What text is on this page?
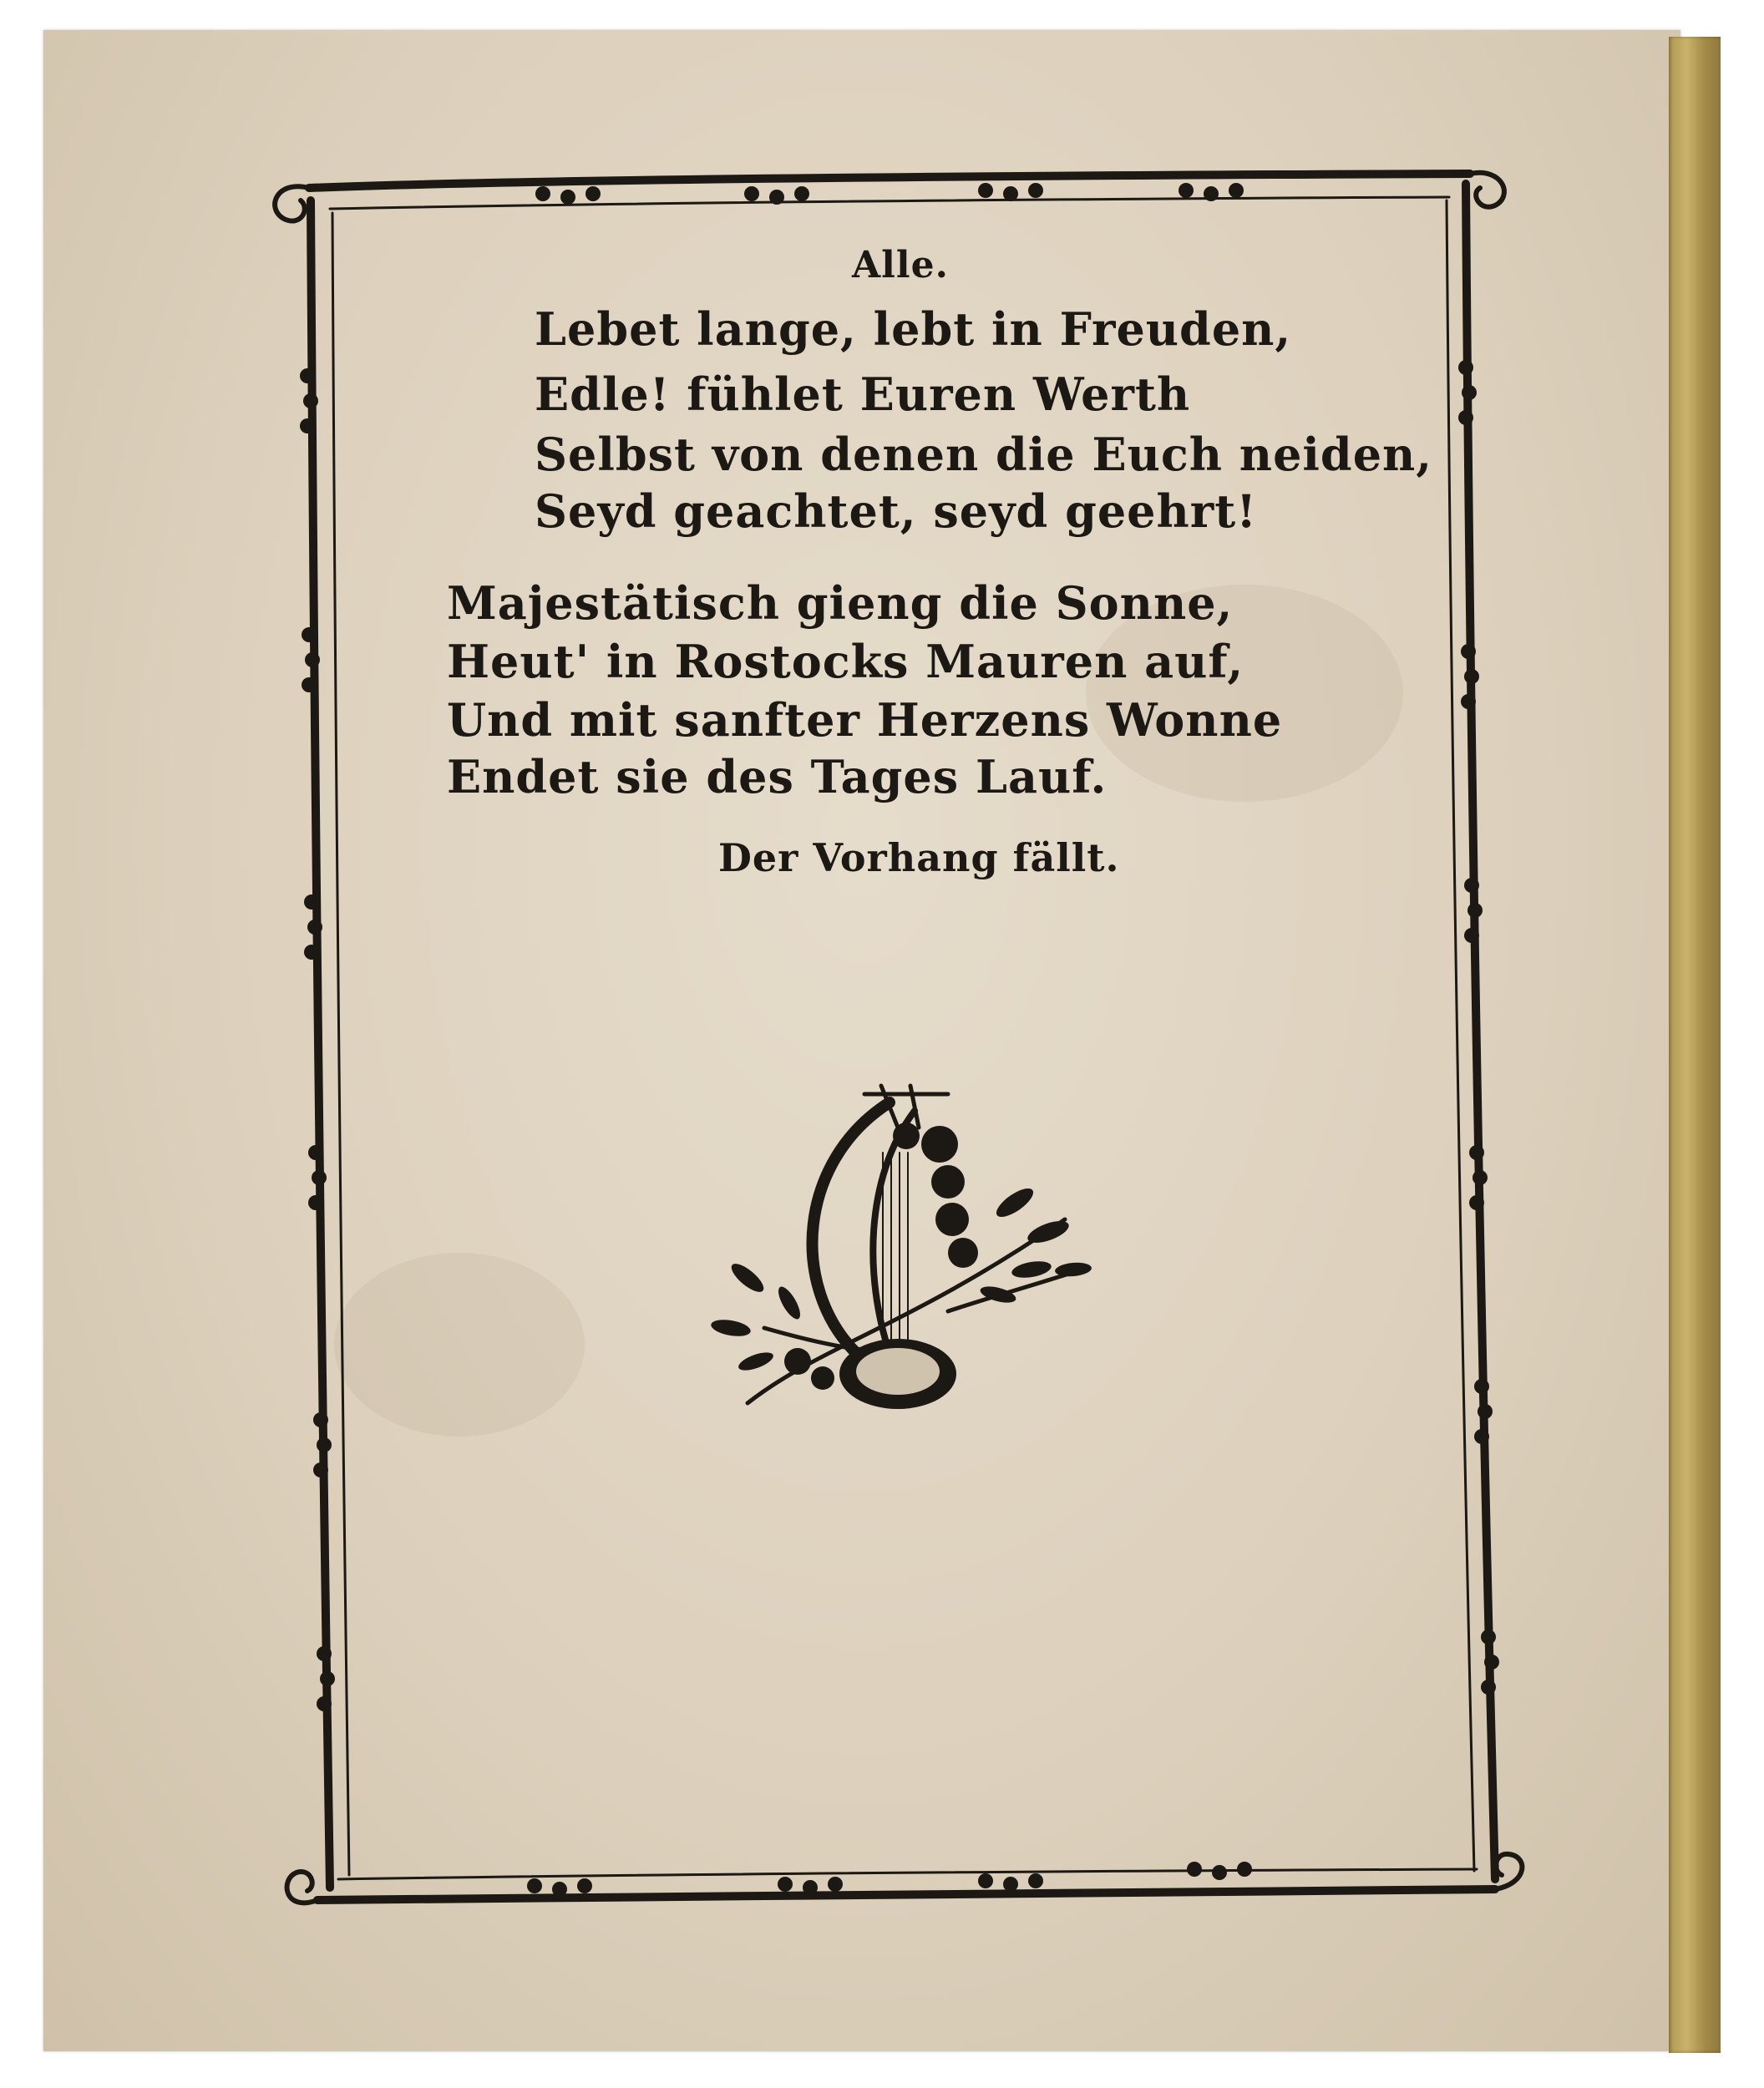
Alle.
Lebet lange, lebt in Freuden,
Edle! fühlet Euren Werth
Selbst von denen die Euch neiden,
Seyd geachtet, seyd geehrt!
Majestätisch gieng die Sonne,
Heut' in Rostocks Mauren auf,
Und mit sanfter Herzens Wonne
Endet sie des Tages Lauf.
Der Vorhang fällt.
